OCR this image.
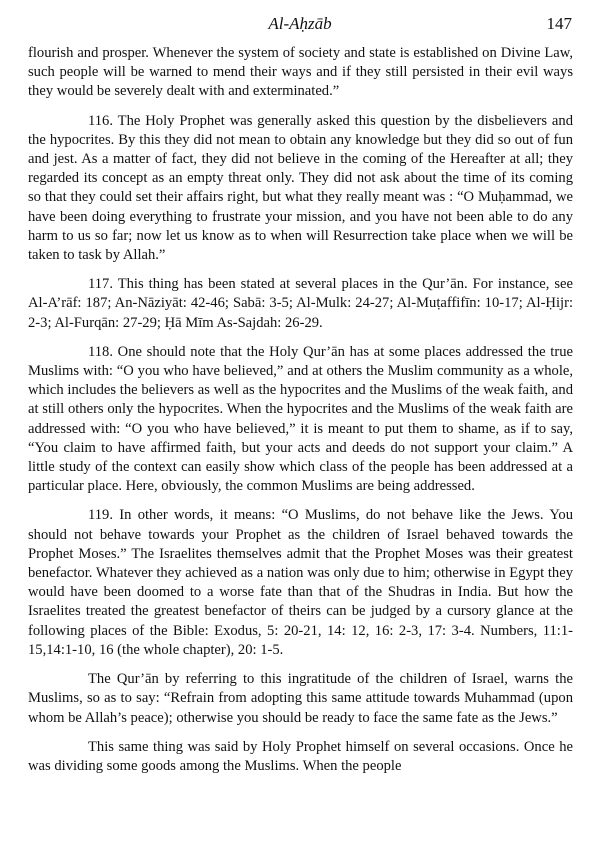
Al-Aḥzāb	147

flourish and prosper. Whenever the system of society and state is established on Divine Law, such people will be warned to mend their ways and if they still persisted in their evil ways they would be severely dealt with and exterminated.”

116. The Holy Prophet was generally asked this question by the disbelievers and the hypocrites. By this they did not mean to obtain any knowledge but they did so out of fun and jest. As a matter of fact, they did not believe in the coming of the Hereafter at all; they regarded its concept as an empty threat only. They did not ask about the time of its coming so that they could set their affairs right, but what they really meant was : “O Muḥammad, we have been doing everything to frustrate your mission, and you have not been able to do any harm to us so far; now let us know as to when will Resurrection take place when we will be taken to task by Allah.”

117. This thing has been stated at several places in the Qur’ān. For instance, see Al-A’rāf: 187; An-Nāziyāt: 42-46; Sabā: 3-5; Al-Mulk: 24-27; Al-Muṭaffifīn: 10-17; Al-Ḥijr: 2-3; Al-Furqān: 27-29; Ḥā Mīm As-Sajdah: 26-29.

118. One should note that the Holy Qur’ān has at some places addressed the true Muslims with: “O you who have believed,” and at others the Muslim community as a whole, which includes the believers as well as the hypocrites and the Muslims of the weak faith, and at still others only the hypocrites. When the hypocrites and the Muslims of the weak faith are addressed with: “O you who have believed,” it is meant to put them to shame, as if to say, “You claim to have affirmed faith, but your acts and deeds do not support your claim.” A little study of the context can easily show which class of the people has been addressed at a particular place. Here, obviously, the common Muslims are being addressed.

119. In other words, it means: “O Muslims, do not behave like the Jews. You should not behave towards your Prophet as the children of Israel behaved towards the Prophet Moses.” The Israelites themselves admit that the Prophet Moses was their greatest benefactor. Whatever they achieved as a nation was only due to him; otherwise in Egypt they would have been doomed to a worse fate than that of the Shudras in India. But how the Israelites treated the greatest benefactor of theirs can be judged by a cursory glance at the following places of the Bible: Exodus, 5: 20-21, 14: 12, 16: 2-3, 17: 3-4. Numbers, 11:1-15,14:1-10, 16 (the whole chapter), 20: 1-5.

The Qur’ān by referring to this ingratitude of the children of Israel, warns the Muslims, so as to say: “Refrain from adopting this same attitude towards Muhammad (upon whom be Allah’s peace); otherwise you should be ready to face the same fate as the Jews.”

This same thing was said by Holy Prophet himself on several occasions. Once he was dividing some goods among the Muslims. When the people
